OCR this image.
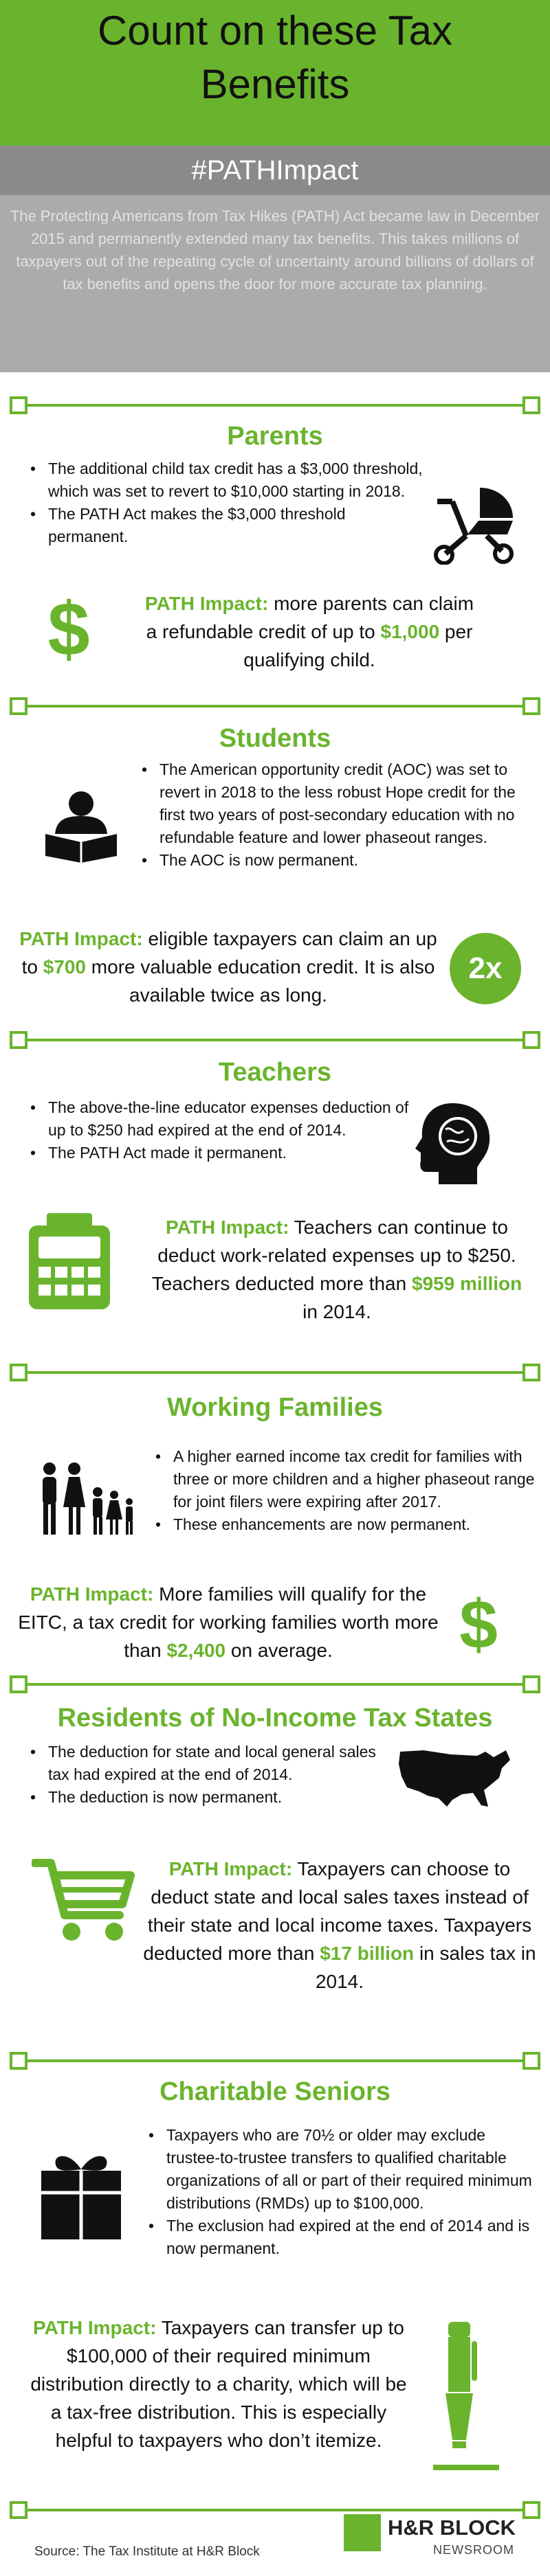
Count on these Tax
Benefits
#PATHImpact
The Protecting Americans from Tax Hikes (PATH) Act became law in December 2015 and permanently extended many tax benefits. This takes millions of taxpayers out of the repeating cycle of uncertainty around billions of dollars of tax benefits and opens the door for more accurate tax planning.
Parents
• The additional child tax credit has a $3,000 threshold, which was set to revert to $10,000 starting in 2018.
• The PATH Act makes the $3,000 threshold permanent.
$	PATH Impact: more parents can claim a refundable credit of up to $1,000 per qualifying child.
Students
• The American opportunity credit (AOC) was set to revert in 2018 to the less robust Hope credit for the first two years of post-secondary education with no refundable feature and lower phaseout ranges.
• The AOC is now permanent.
PATH Impact: eligible taxpayers can claim an up to $700 more valuable education credit. It is also available twice as long.
2x
Teachers
• The above-the-line educator expenses deduction of up to $250 had expired at the end of 2014.
• The PATH Act made it permanent.
PATH Impact: Teachers can continue to deduct work-related expenses up to $250. Teachers deducted more than $959 million in 2014.
Working Families
• A higher earned income tax credit for families with three or more children and a higher phaseout range for joint filers were expiring after 2017.
• These enhancements are now permanent.
PATH Impact: More families will qualify for the EITC, a tax credit for working families worth more than $2,400 on average.	$
Residents of No-Income Tax States
• The deduction for state and local general sales tax had expired at the end of 2014.
• The deduction is now permanent.
PATH Impact: Taxpayers can choose to deduct state and local sales taxes instead of their state and local income taxes. Taxpayers deducted more than $17 billion in sales tax in 2014.
Charitable Seniors
• Taxpayers who are 70½ or older may exclude trustee-to-trustee transfers to qualified charitable organizations of all or part of their required minimum distributions (RMDs) up to $100,000.
• The exclusion had expired at the end of 2014 and is now permanent.
PATH Impact: Taxpayers can transfer up to $100,000 of their required minimum distribution directly to a charity, which will be a tax-free distribution. This is especially helpful to taxpayers who don’t itemize.
Source: The Tax Institute at H&R Block
H&R BLOCK
NEWSROOM
